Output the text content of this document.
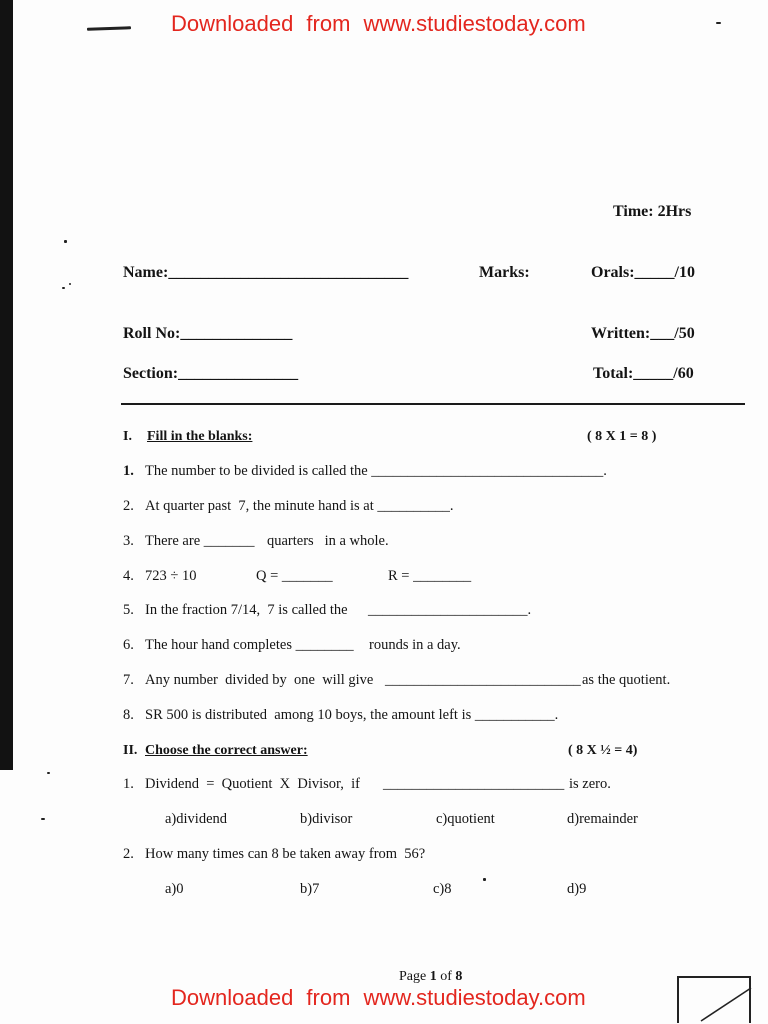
Downloaded from www.studiestoday.com
Time: 2Hrs
Name:______________________________	Marks:	Orals:_____/10
Roll No:______________	Written:___/50
Section:_______________	Total:_____/60
I. Fill in the blanks:	( 8 X 1 = 8 )
1. The number to be divided is called the ________________________________.
2. At quarter past  7, the minute hand is at __________.
3. There are _______ quarters   in a whole.
4. 723 ÷ 10	Q = _______	R = ________
5. In the fraction 7/14,  7 is called the ______________________.
6. The hour hand completes ________ rounds in a day.
7. Any number  divided by  one  will give ___________________________ as the quotient.
8. SR 500 is distributed  among 10 boys, the amount left is ___________.
II. Choose the correct answer:	( 8 X ½ = 4)
1. Dividend  =  Quotient  X  Divisor,  if _________________________ is zero.
a)dividend	b)divisor	c)quotient	d)remainder
2. How many times can 8 be taken away from  56?
a)0	b)7	c)8	d)9
Page 1 of 8
Downloaded from www.studiestoday.com
